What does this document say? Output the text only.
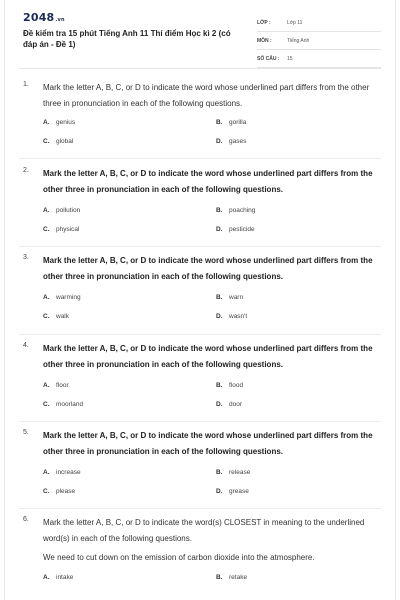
2048.vn
Đề kiểm tra 15 phút Tiếng Anh 11 Thí điểm Học kì 2 (có đáp án - Đề 1)
LỚP :	Lớp 11
MÔN :	Tiếng Anh
SỐ CÂU :	15
1.	Mark the letter A, B, C, or D to indicate the word whose underlined part differs from the other three in pronunciation in each of the following questions.
A.	genius	B.	gorilla
C.	global	D.	gases
2.	Mark the letter A, B, C, or D to indicate the word whose underlined part differs from the other three in pronunciation in each of the following questions.
A.	pollution	B.	poaching
C.	physical	D.	pesticide
3.	Mark the letter A, B, C, or D to indicate the word whose underlined part differs from the other three in pronunciation in each of the following questions.
A.	warming	B.	warn
C.	walk	D.	wasn't
4.	Mark the letter A, B, C, or D to indicate the word whose underlined part differs from the other three in pronunciation in each of the following questions.
A.	floor	B.	flood
C.	moorland	D.	door
5.	Mark the letter A, B, C, or D to indicate the word whose underlined part differs from the other three in pronunciation in each of the following questions.
A.	increase	B.	release
C.	please	D.	grease
6.	Mark the letter A, B, C, or D to indicate the word(s) CLOSEST in meaning to the underlined word(s) in each of the following questions.
We need to cut down on the emission of carbon dioxide into the atmosphere.
A.	intake	B.	retake
